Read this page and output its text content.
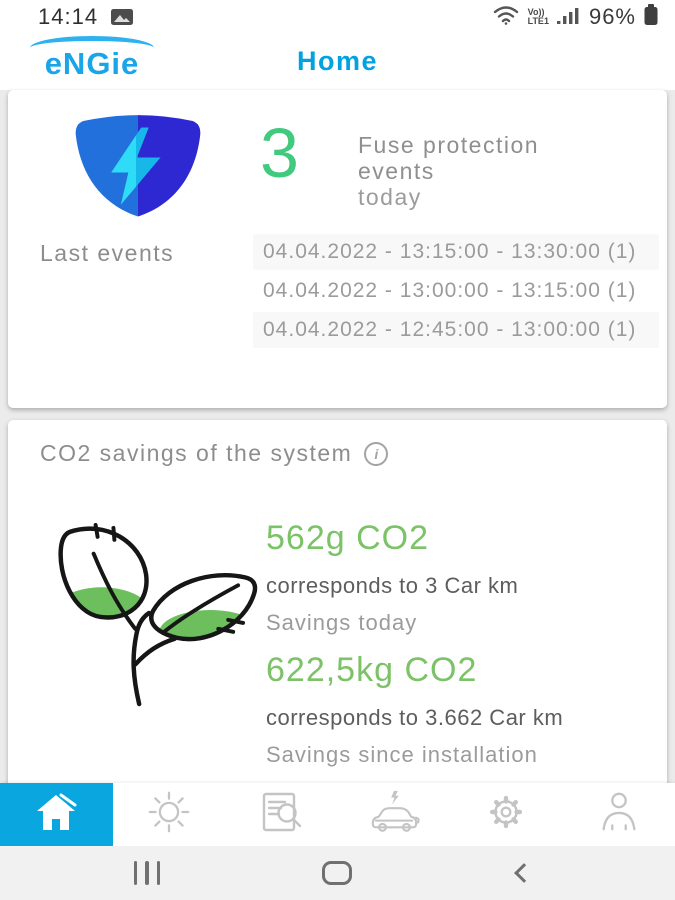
14:14	Vo))
LTE1 96%
eNGie	Home
3	Fuse protection events
today
Last events	04.04.2022 - 13:15:00 - 13:30:00 (1)
04.04.2022 - 13:00:00 - 13:15:00 (1)
04.04.2022 - 12:45:00 - 13:00:00 (1)
CO2 savings of the system	i
562g CO2
corresponds to 3 Car km
Savings today
622,5kg CO2
corresponds to 3.662 Car km
Savings since installation
